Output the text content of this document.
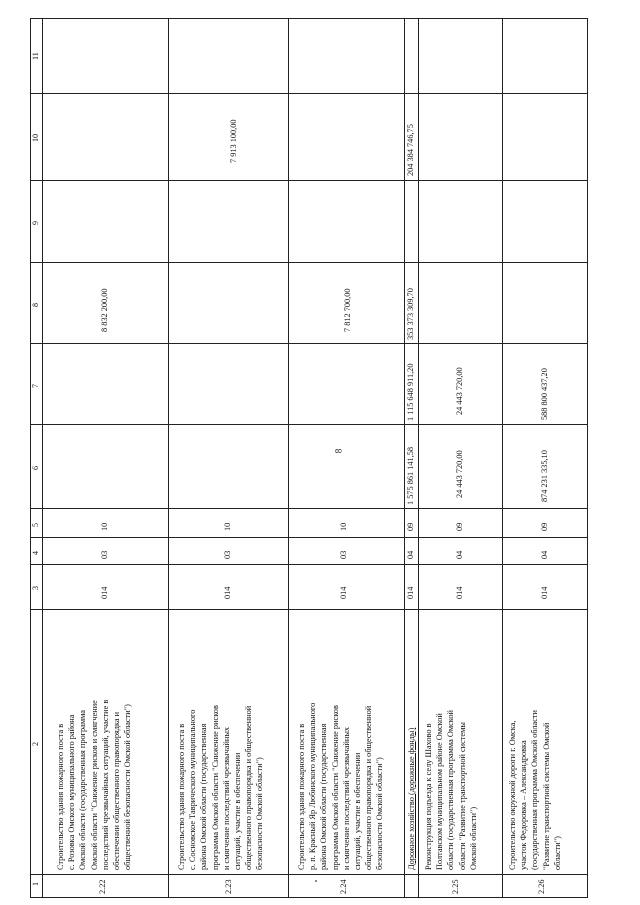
8
1
2
3
4
5
6
7
8
9
10
11
2.22
Строительство здания пожарного поста в с. Розовка Омского муниципального района Омской области (государственная программа Омской области "Снижение рисков и смягчение последствий чрезвычайных ситуаций, участие в обеспечении общественного правопорядка и общественной безопасности Омской области")
014
03
10
8 832 200,00
2.23
Строительство здания пожарного поста в с. Сосновское Таврического муниципального района Омской области (государственная программа Омской области "Снижение рисков и смягчение последствий чрезвычайных ситуаций, участие в обеспечении общественного правопорядка и общественной безопасности Омской области")
014
03
10
7 913 100,00
2.24
Строительство здания пожарного поста в р. п. Красный Яр Любинского муниципального района Омской области (государственная программа Омской области "Снижение рисков и смягчение последствий чрезвычайных ситуаций, участие в обеспечении общественного правопорядка и общественной безопасности Омской области")
014
03
10
7 812 700,00
Дорожное хозяйство (дорожные фонды)
014
04
09
1 575 861 141,58
1 115 648 911,20
353 373 309,70
204 384 746,75
2.25
Реконструкция подъезда к селу Шахово в Полтавском муниципальном районе Омской области (государственная программа Омской области "Развитие транспортной системы Омской области")
014
04
09
24 443 720,00
24 443 720,00
2.26
Строительство окружной дороги г. Омска, участок Федоровка – Александровка (государственная программа Омской области "Развитие транспортной системы Омской области")
014
04
09
874 231 335,10
588 800 437,20
